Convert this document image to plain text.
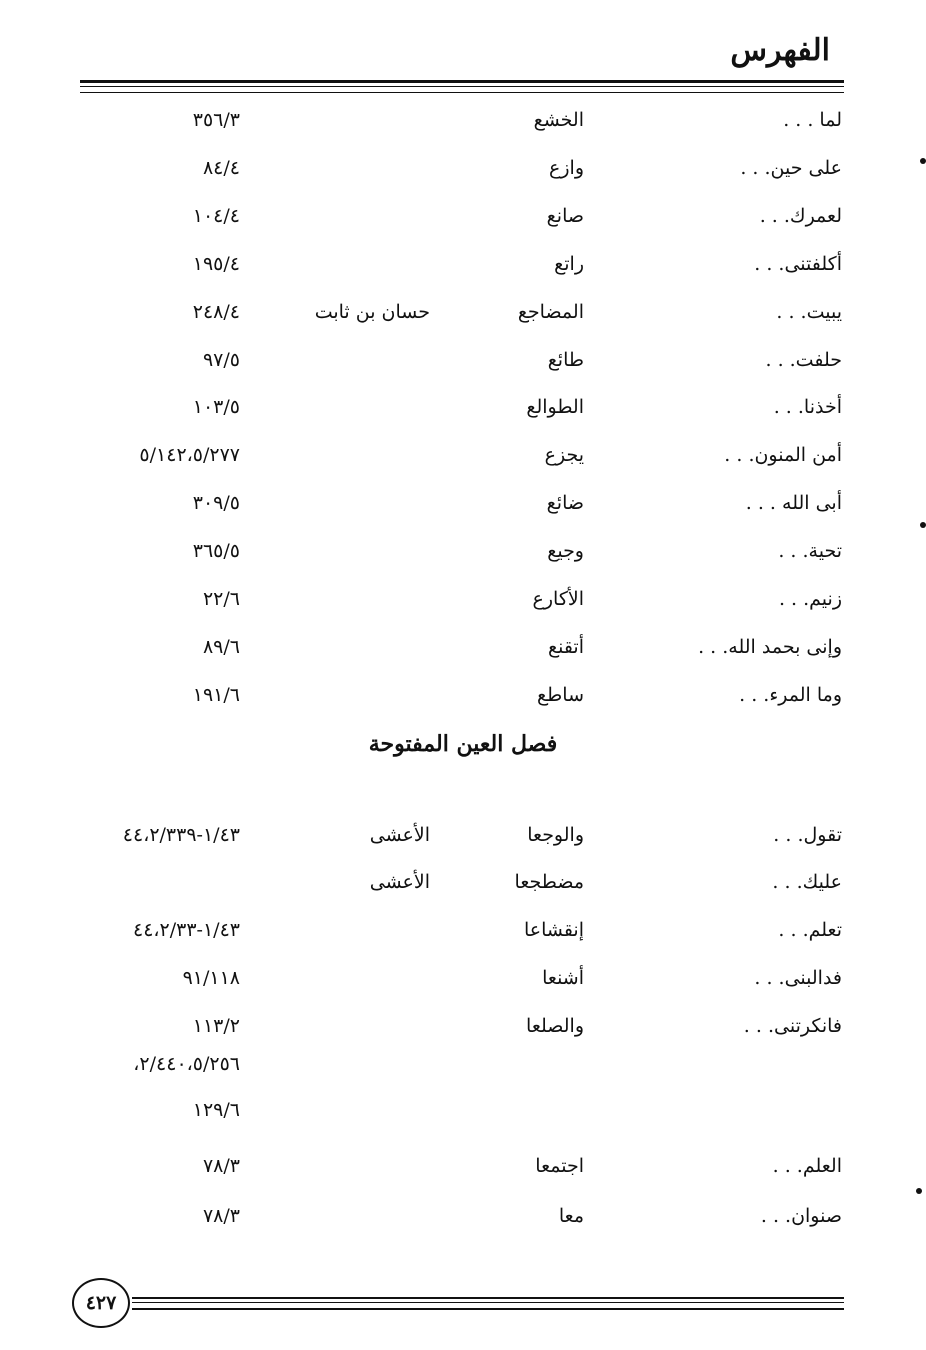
الفهرس
لما . . .
الخشع
٣٥٦/٣
على حين. . .
وازع
٨٤/٤
لعمرك. . .
صانع
١٠٤/٤
أكلفتنى. . .
راتع
١٩٥/٤
يبيت. . .
المضاجع
حسان بن ثابت
٢٤٨/٤
حلفت. . .
طائع
٩٧/٥
أخذنا. . .
الطوالع
١٠٣/٥
أمن المنون. . .
يجزع
٥/١٤٢،٥/٢٧٧
أبى الله . . .
ضائع
٣٠٩/٥
تحية. . .
وجيع
٣٦٥/٥
زنيم. . .
الأكارع
٢٢/٦
وإنى بحمد الله. . .
أتقنع
٨٩/٦
وما المرء. . .
ساطع
١٩١/٦
فصل العين المفتوحة
تقول. . .
والوجعا
الأعشى
١/٤٣-٤٤،٢/٣٣٩
عليك. . .
مضطجعا
الأعشى
تعلم. . .
إنقشاعا
١/٤٣-٤٤،٢/٣٣
فدالبنى. . .
أشنعا
٩١/١١٨
فانكرتنى. . .
والصلعا
١١٣/٢
٢/٤٤٠،٥/٢٥٦،
١٢٩/٦
العلم. . .
اجتمعا
٧٨/٣
صنوان. . .
معا
٧٨/٣
٤٢٧
